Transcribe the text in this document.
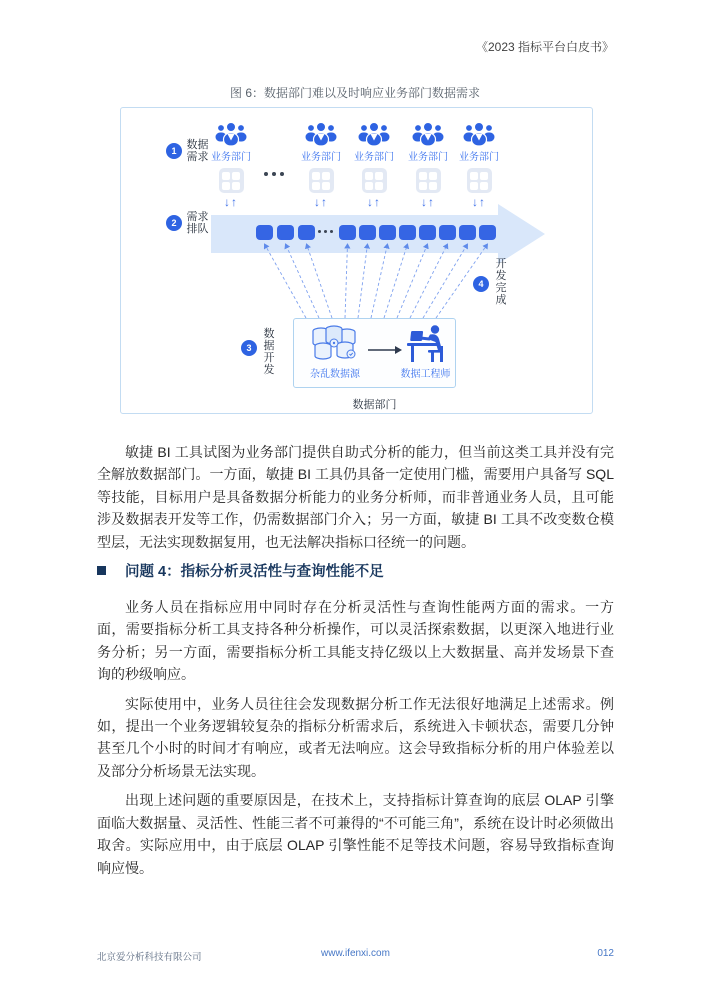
《2023 指标平台白皮书》
图 6：数据部门难以及时响应业务部门数据需求
1 数据需求 业务部门
↓↑
业务部门
↓↑
业务部门
↓↑
业务部门
↓↑
业务部门
↓↑
2 需求排队
4
开发完成
3
数据开发	杂乱数据源	数据工程师
数据部门

敏捷 BI 工具试图为业务部门提供自助式分析的能力，但当前这类工具并没有完全解放数据部门。一方面，敏捷 BI 工具仍具备一定使用门槛，需要用户具备写 SQL 等技能，目标用户是具备数据分析能力的业务分析师，而非普通业务人员，且可能涉及数据表开发等工作，仍需数据部门介入；另一方面，敏捷 BI 工具不改变数仓模型层，无法实现数据复用，也无法解决指标口径统一的问题。

问题 4：指标分析灵活性与查询性能不足

业务人员在指标应用中同时存在分析灵活性与查询性能两方面的需求。一方面，需要指标分析工具支持各种分析操作，可以灵活探索数据，以更深入地进行业务分析；另一方面，需要指标分析工具能支持亿级以上大数据量、高并发场景下查询的秒级响应。

实际使用中，业务人员往往会发现数据分析工作无法很好地满足上述需求。例如，提出一个业务逻辑较复杂的指标分析需求后，系统进入卡顿状态，需要几分钟甚至几个小时的时间才有响应，或者无法响应。这会导致指标分析的用户体验差以及部分分析场景无法实现。

出现上述问题的重要原因是，在技术上，支持指标计算查询的底层 OLAP 引擎面临大数据量、灵活性、性能三者不可兼得的“不可能三角”，系统在设计时必须做出取舍。实际应用中，由于底层 OLAP 引擎性能不足等技术问题，容易导致指标查询响应慢。

北京爱分析科技有限公司	www.ifenxi.com	012
